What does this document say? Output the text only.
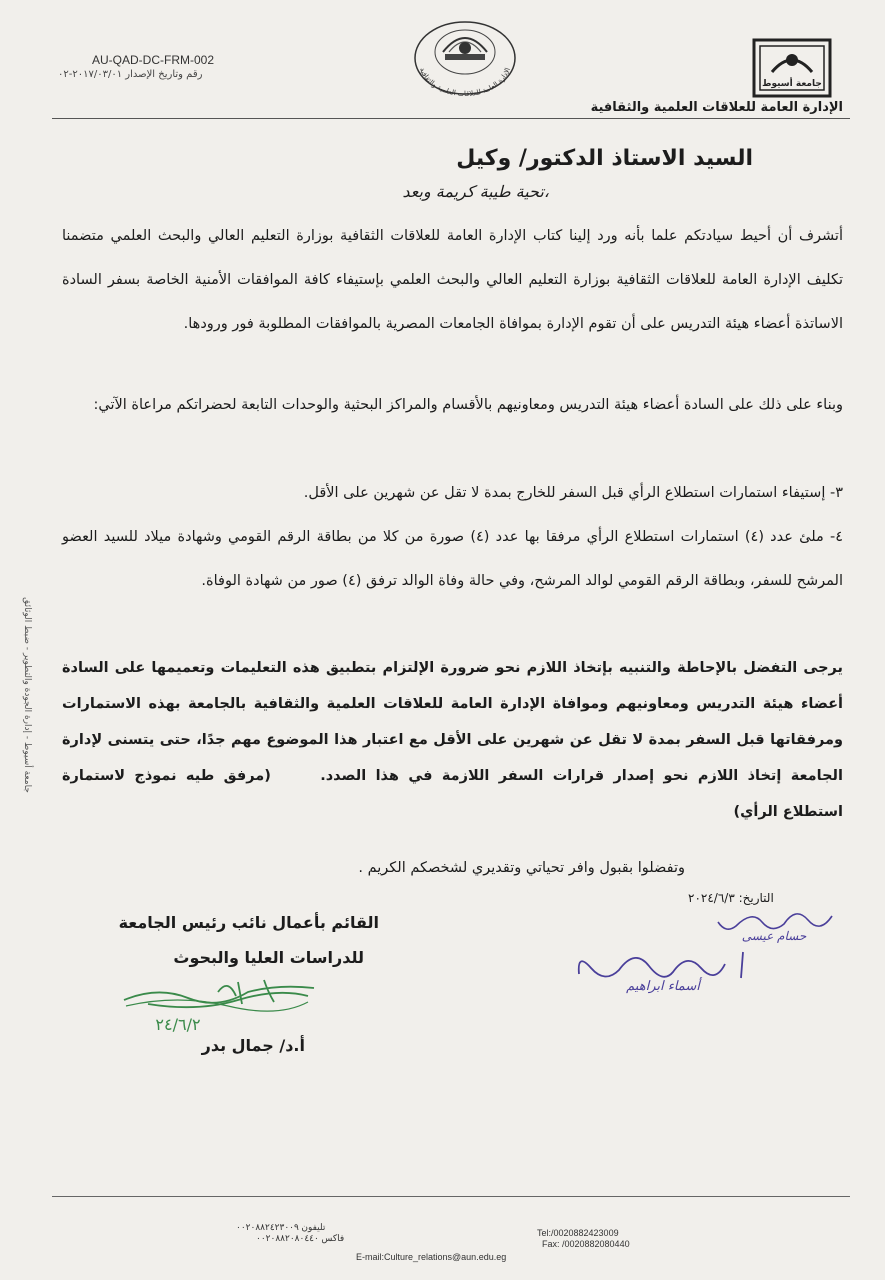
AU-QAD-DC-FRM-002
رقم وتاريخ الإصدار ٢٠١٧/٠٣/٠١-٠٢	الإدارة العامة للعلاقات العلمية والثقافية
جامعة أسيوط
الإدارة العامة للعلاقات العلمية والثقافية
جامعة أسيوط - إدارة الجودة والتطوير - ضبط الوثائق
السيد الاستاذ الدكتور/ وكيل
تحية طيبة كريمة وبعد،
أتشرف أن أحيط سيادتكم علما بأنه ورد إلينا كتاب الإدارة العامة للعلاقات الثقافية بوزارة التعليم العالي والبحث العلمي متضمنا تكليف الإدارة العامة للعلاقات الثقافية بوزارة التعليم العالي والبحث العلمي بإستيفاء كافة الموافقات الأمنية الخاصة بسفر السادة الاساتذة أعضاء هيئة التدريس على أن تقوم الإدارة بموافاة الجامعات المصرية بالموافقات المطلوبة فور ورودها.
وبناء على ذلك على السادة أعضاء هيئة التدريس ومعاونيهم بالأقسام والمراكز البحثية والوحدات التابعة لحضراتكم مراعاة الآتي:
٣- إستيفاء استمارات استطلاع الرأي قبل السفر للخارج بمدة لا تقل عن شهرين على الأقل.
٤- ملئ عدد (٤) استمارات استطلاع الرأي مرفقا بها عدد (٤) صورة من كلا من بطاقة الرقم القومي وشهادة ميلاد للسيد العضو المرشح للسفر، وبطاقة الرقم القومي لوالد المرشح، وفي حالة وفاة الوالد ترفق (٤) صور من شهادة الوفاة.
يرجى التفضل بالإحاطة والتنبيه بإتخاذ اللازم نحو ضرورة الإلتزام بتطبيق هذه التعليمات وتعميمها على السادة أعضاء هيئة التدريس ومعاونيهم وموافاة الإدارة العامة للعلاقات العلمية والثقافية بالجامعة بهذه الاستمارات ومرفقاتها قبل السفر بمدة لا تقل عن شهرين على الأقل مع اعتبار هذا الموضوع مهم جدًا، حتى يتسنى لإدارة الجامعة إتخاذ اللازم نحو إصدار قرارات السفر اللازمة في هذا الصدد. (مرفق طيه نموذج لاستمارة استطلاع الرأي)
وتفضلوا بقبول وافر تحياتي وتقديري لشخصكم الكريم .
التاريخ: ٢٠٢٤/٦/٣
حسام عيسى
أسماء ابراهيم
القائم بأعمال نائب رئيس الجامعة
للدراسات العليا والبحوث
٢٤/٦/٢
أ.د/ جمال بدر
تليفون ٠٠٢٠٨٨٢٤٢٣٠٠٩
فاكس ٠٠٢٠٨٨٢٠٨٠٤٤٠	Tel:/0020882423009
Fax: /0020882080440
E-mail:Culture_relations@aun.edu.eg
